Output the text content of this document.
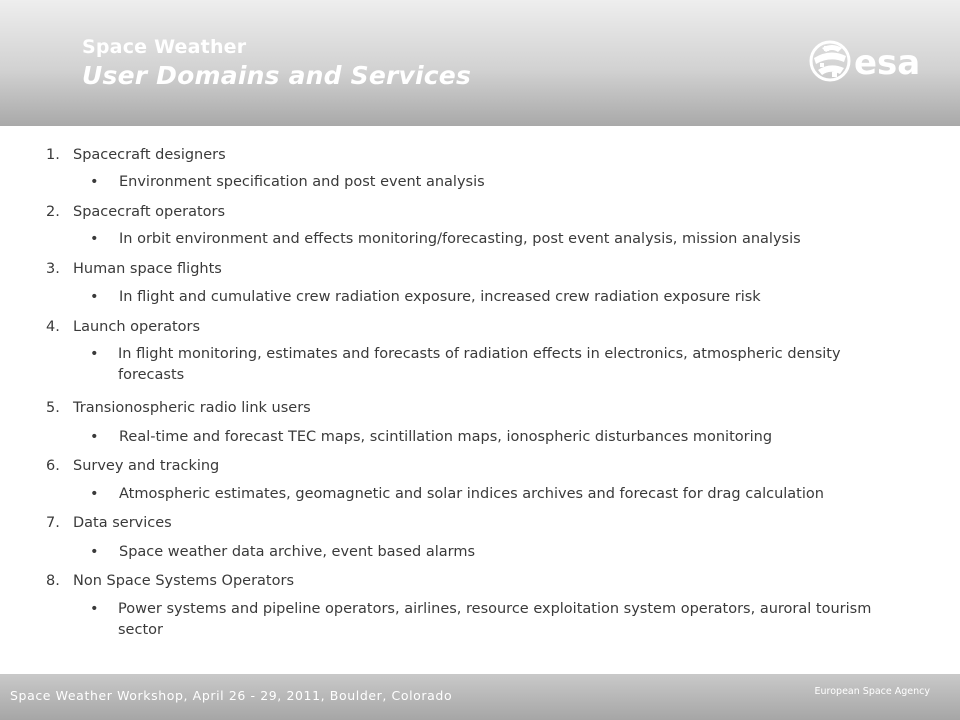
Space Weather
User Domains and Services	esa
1. Spacecraft designers
•	Environment specification and post event analysis
2. Spacecraft operators
•	In orbit environment and effects monitoring/forecasting, post event analysis, mission analysis
3. Human space flights
•	In flight and cumulative crew radiation exposure, increased crew radiation exposure risk
4. Launch operators
•	In flight monitoring, estimates and forecasts of radiation effects in electronics, atmospheric density forecasts
5. Transionospheric radio link users
•	Real-time and forecast TEC maps, scintillation maps, ionospheric disturbances monitoring
6. Survey and tracking
•	Atmospheric estimates, geomagnetic and solar indices archives and forecast for drag calculation
7. Data services
•	Space weather data archive, event based alarms
8. Non Space Systems Operators
•	Power systems and pipeline operators, airlines, resource exploitation system operators, auroral tourism sector
Space Weather Workshop, April 26 - 29, 2011, Boulder, Colorado	European Space Agency
